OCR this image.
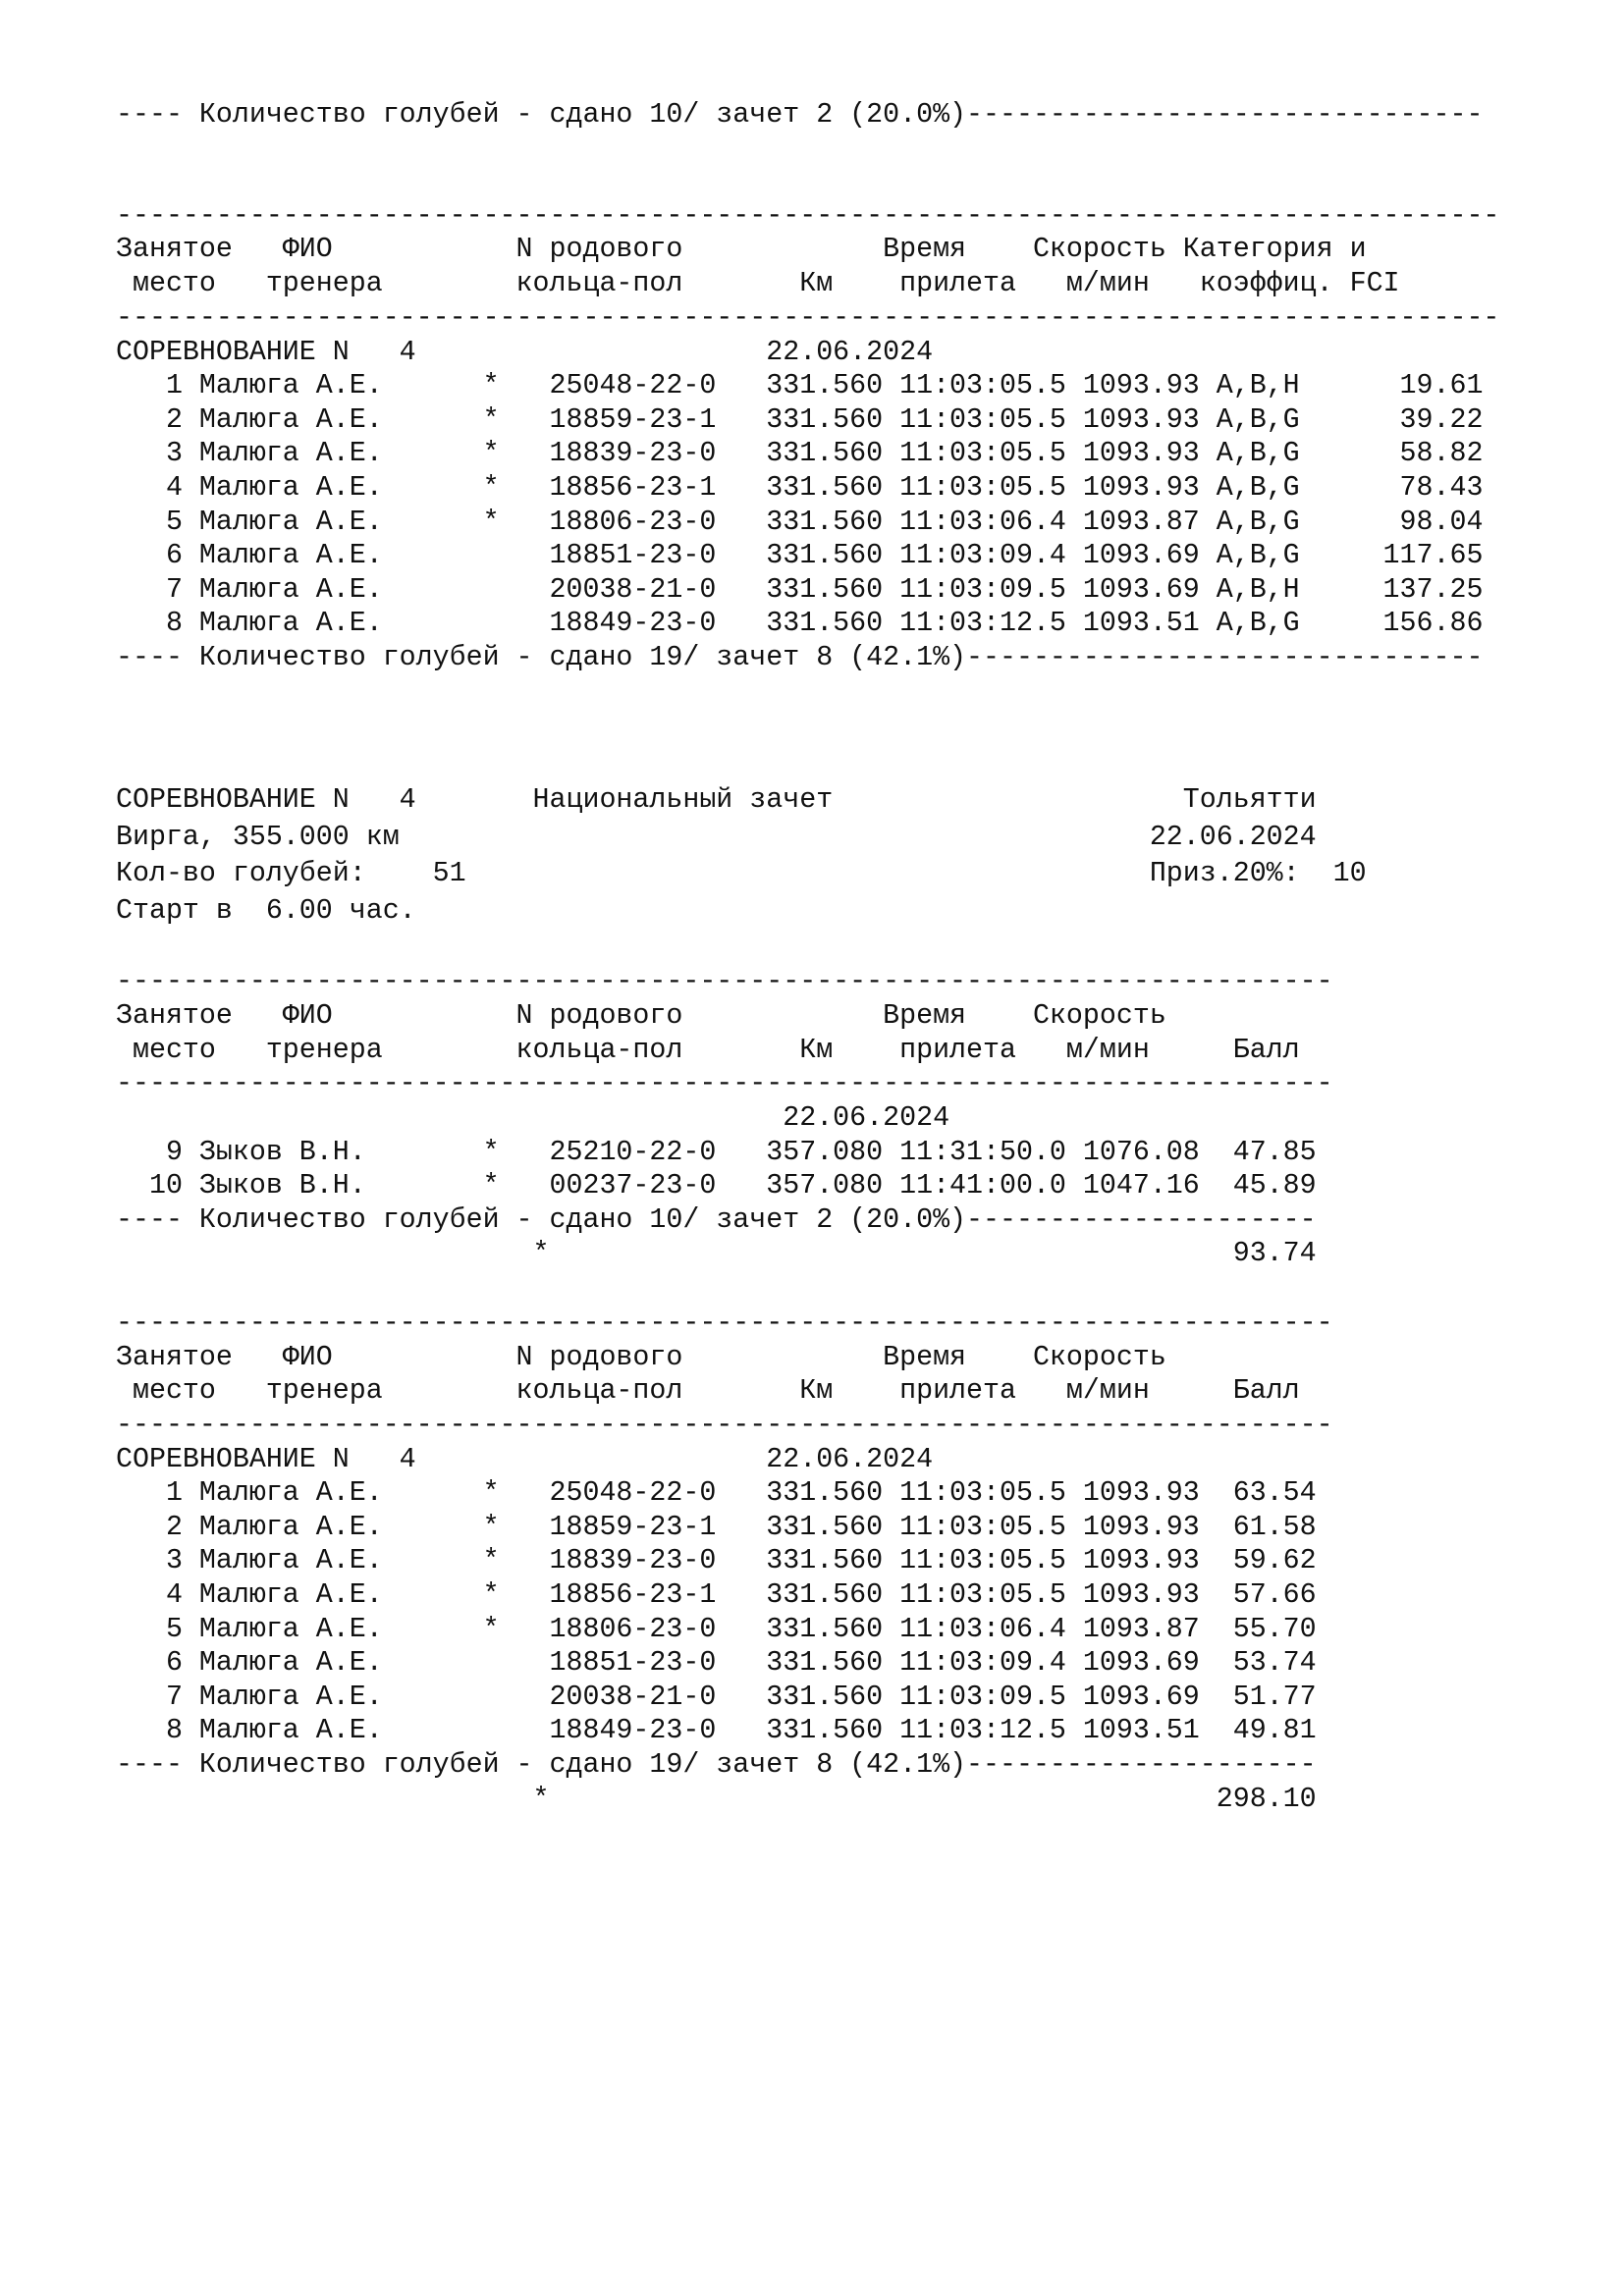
---- Количество голубей - сдано 10/ зачет 2 (20.0%)-------------------------------
-----------------------------------------------------------------------------------
Занятое   ФИО           N родового            Время    Скорость Категория и
место   тренера        кольца-пол       Км    прилета   м/мин   коэффиц. FCI
-----------------------------------------------------------------------------------
СОРЕВНОВАНИЕ N   4                     22.06.2024
1 Малюга А.Е.      *   25048-22-0   331.560 11:03:05.5 1093.93 A,B,H      19.61
2 Малюга А.Е.      *   18859-23-1   331.560 11:03:05.5 1093.93 A,B,G      39.22
3 Малюга А.Е.      *   18839-23-0   331.560 11:03:05.5 1093.93 A,B,G      58.82
4 Малюга А.Е.      *   18856-23-1   331.560 11:03:05.5 1093.93 A,B,G      78.43
5 Малюга А.Е.      *   18806-23-0   331.560 11:03:06.4 1093.87 A,B,G      98.04
6 Малюга А.Е.          18851-23-0   331.560 11:03:09.4 1093.69 A,B,G     117.65
7 Малюга А.Е.          20038-21-0   331.560 11:03:09.5 1093.69 A,B,H     137.25
8 Малюга А.Е.          18849-23-0   331.560 11:03:12.5 1093.51 A,B,G     156.86
---- Количество голубей - сдано 19/ зачет 8 (42.1%)-------------------------------
СОРЕВНОВАНИЕ N   4       Национальный зачет                     Тольятти
Вирга, 355.000 км                                             22.06.2024
Кол-во голубей:    51                                         Приз.20%:  10
Старт в  6.00 час.
-------------------------------------------------------------------------
Занятое   ФИО           N родового            Время    Скорость
место   тренера        кольца-пол       Км    прилета   м/мин     Балл
-------------------------------------------------------------------------
22.06.2024
9 Зыков В.Н.       *   25210-22-0   357.080 11:31:50.0 1076.08  47.85
10 Зыков В.Н.       *   00237-23-0   357.080 11:41:00.0 1047.16  45.89
---- Количество голубей - сдано 10/ зачет 2 (20.0%)---------------------
*                                         93.74
-------------------------------------------------------------------------
Занятое   ФИО           N родового            Время    Скорость
место   тренера        кольца-пол       Км    прилета   м/мин     Балл
-------------------------------------------------------------------------
СОРЕВНОВАНИЕ N   4                     22.06.2024
1 Малюга А.Е.      *   25048-22-0   331.560 11:03:05.5 1093.93  63.54
2 Малюга А.Е.      *   18859-23-1   331.560 11:03:05.5 1093.93  61.58
3 Малюга А.Е.      *   18839-23-0   331.560 11:03:05.5 1093.93  59.62
4 Малюга А.Е.      *   18856-23-1   331.560 11:03:05.5 1093.93  57.66
5 Малюга А.Е.      *   18806-23-0   331.560 11:03:06.4 1093.87  55.70
6 Малюга А.Е.          18851-23-0   331.560 11:03:09.4 1093.69  53.74
7 Малюга А.Е.          20038-21-0   331.560 11:03:09.5 1093.69  51.77
8 Малюга А.Е.          18849-23-0   331.560 11:03:12.5 1093.51  49.81
---- Количество голубей - сдано 19/ зачет 8 (42.1%)---------------------
*                                        298.10
